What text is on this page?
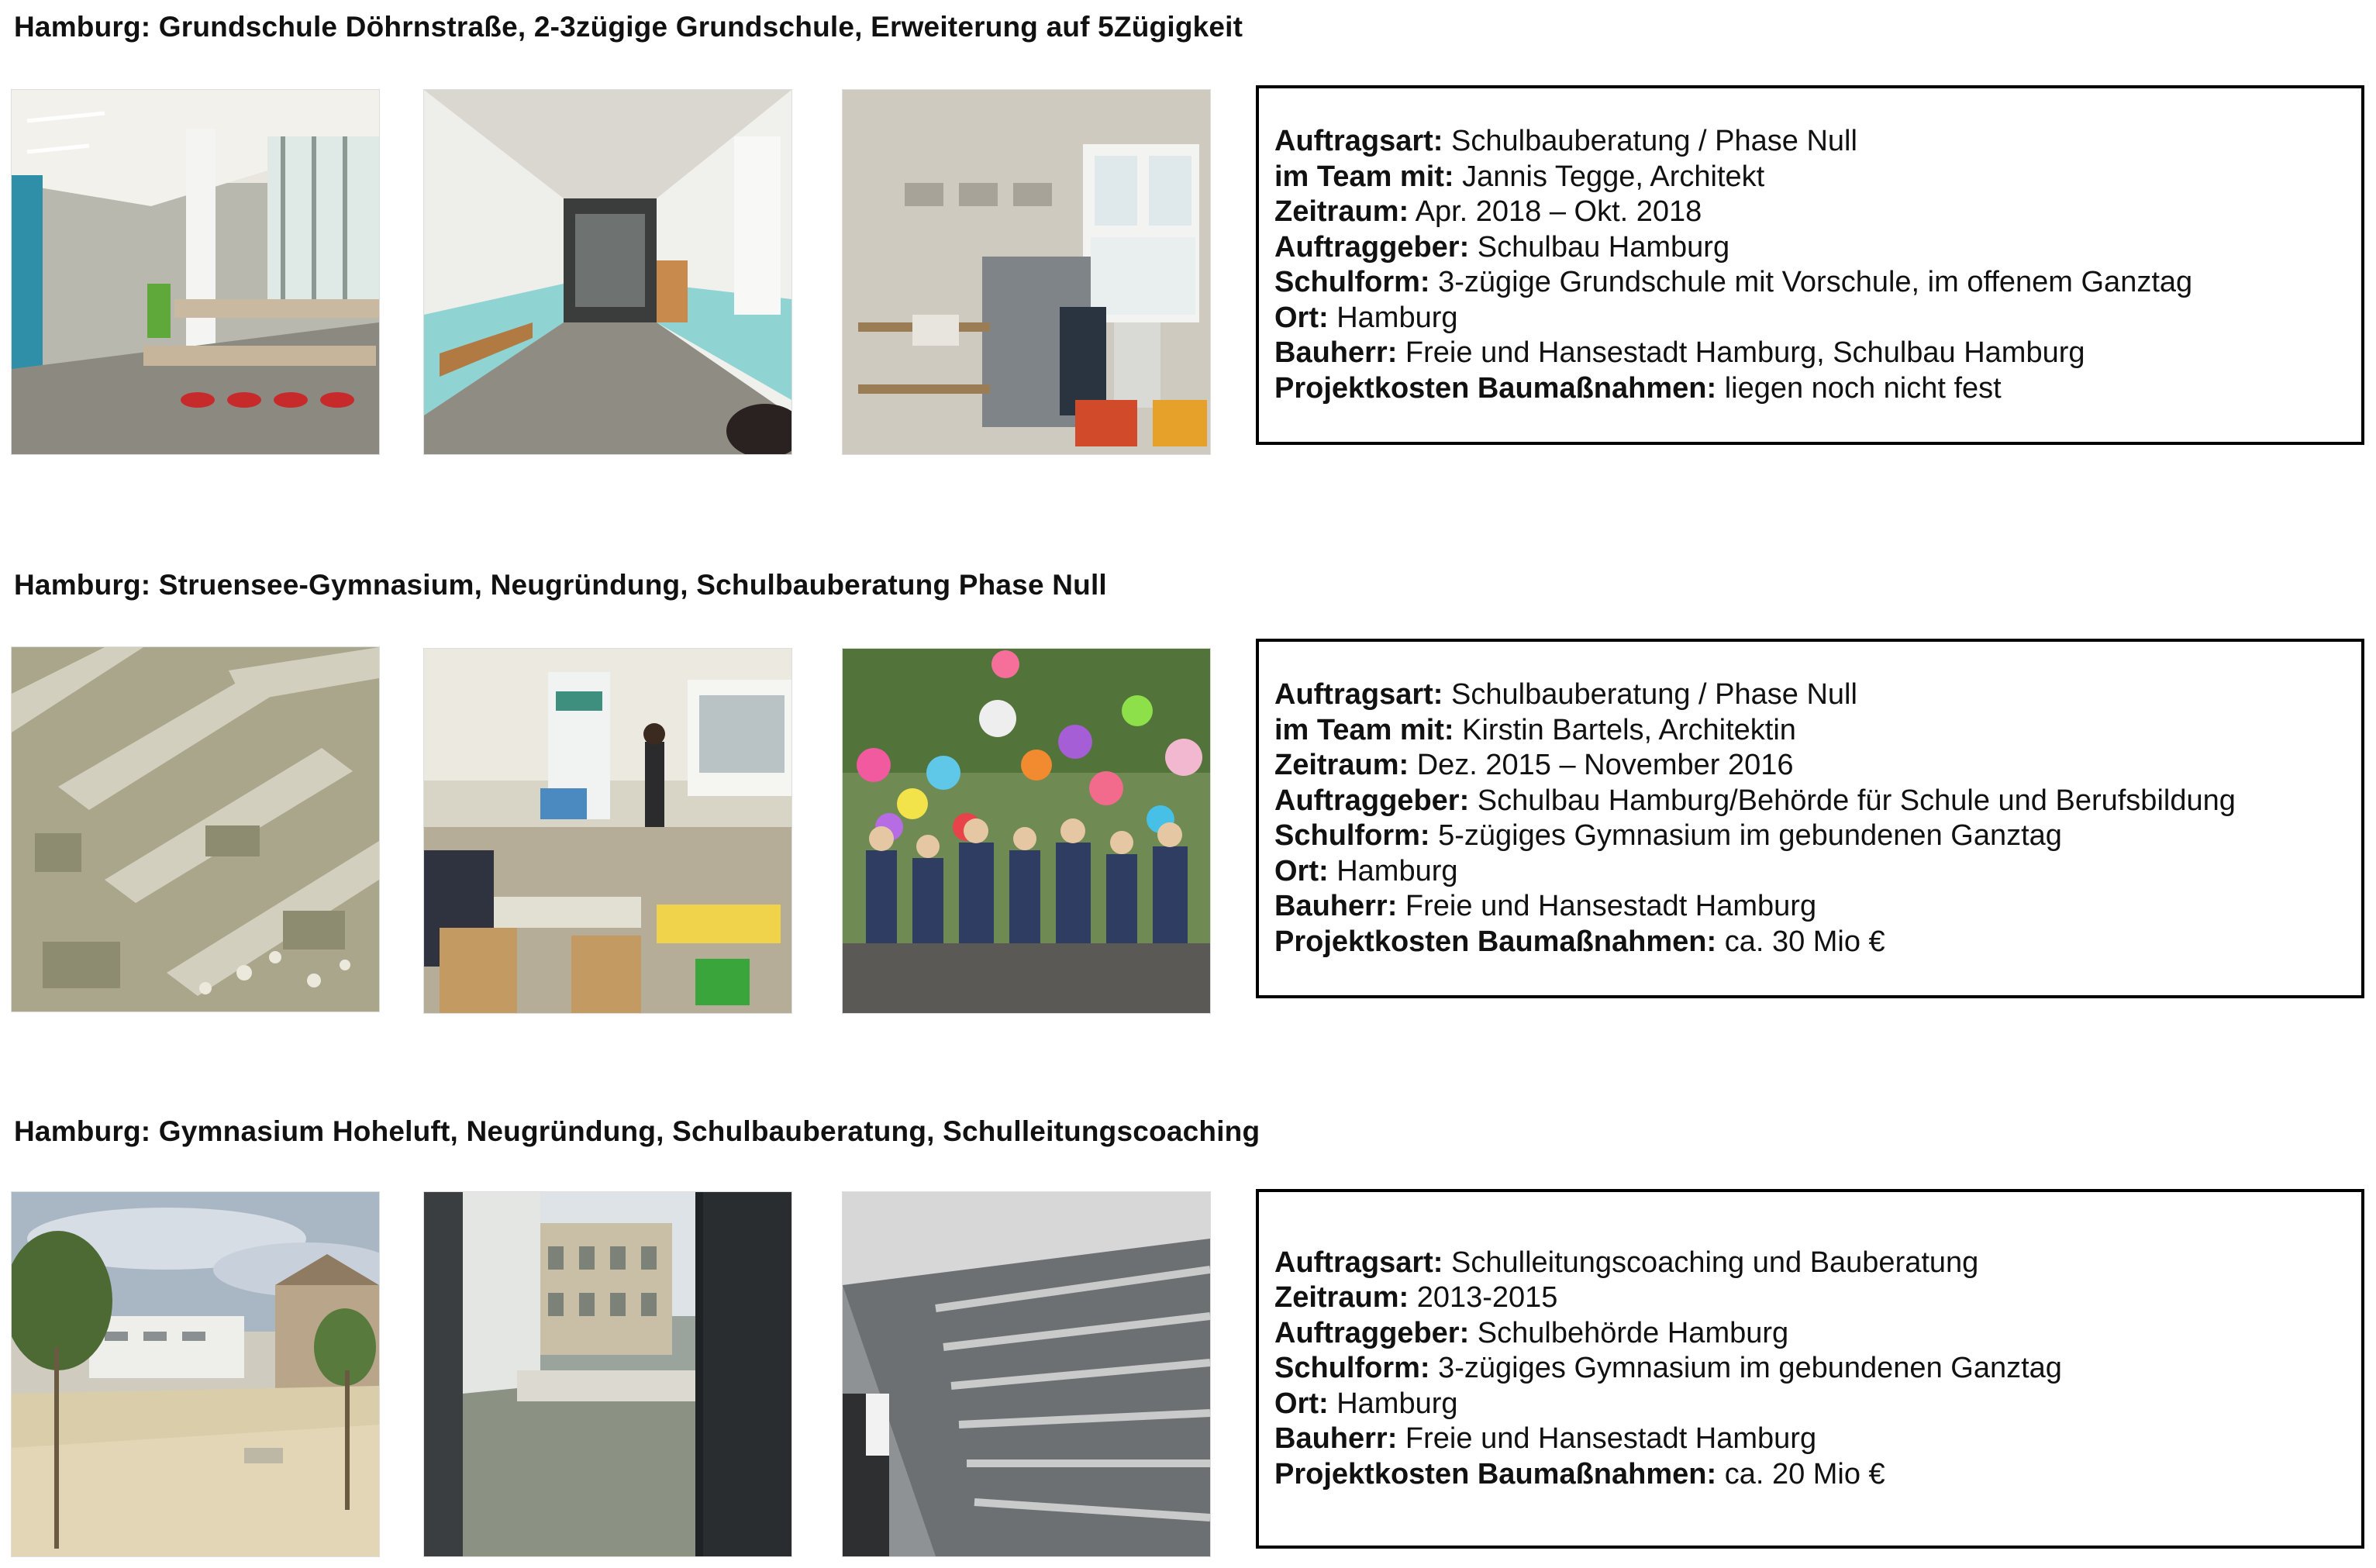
Hamburg: Grundschule Döhrnstraße, 2-3zügige Grundschule, Erweiterung auf 5Zügigkeit
Auftragsart: Schulbauberatung / Phase Null
im Team mit: Jannis Tegge, Architekt
Zeitraum: Apr. 2018 – Okt. 2018
Auftraggeber: Schulbau Hamburg
Schulform: 3-zügige Grundschule mit Vorschule, im offenem Ganztag
Ort: Hamburg
Bauherr: Freie und Hansestadt Hamburg, Schulbau Hamburg
Projektkosten Baumaßnahmen: liegen noch nicht fest
Hamburg: Struensee-Gymnasium, Neugründung, Schulbauberatung Phase Null
Auftragsart: Schulbauberatung / Phase Null
im Team mit: Kirstin Bartels, Architektin
Zeitraum: Dez. 2015 – November 2016
Auftraggeber: Schulbau Hamburg/Behörde für Schule und Berufsbildung
Schulform: 5-zügiges Gymnasium im gebundenen Ganztag
Ort: Hamburg
Bauherr: Freie und Hansestadt Hamburg
Projektkosten Baumaßnahmen: ca. 30 Mio €
Hamburg: Gymnasium Hoheluft, Neugründung, Schulbauberatung, Schulleitungscoaching
Auftragsart: Schulleitungscoaching und Bauberatung
Zeitraum: 2013-2015
Auftraggeber: Schulbehörde Hamburg
Schulform: 3-zügiges Gymnasium im gebundenen Ganztag
Ort: Hamburg
Bauherr: Freie und Hansestadt Hamburg
Projektkosten Baumaßnahmen: ca. 20 Mio €
